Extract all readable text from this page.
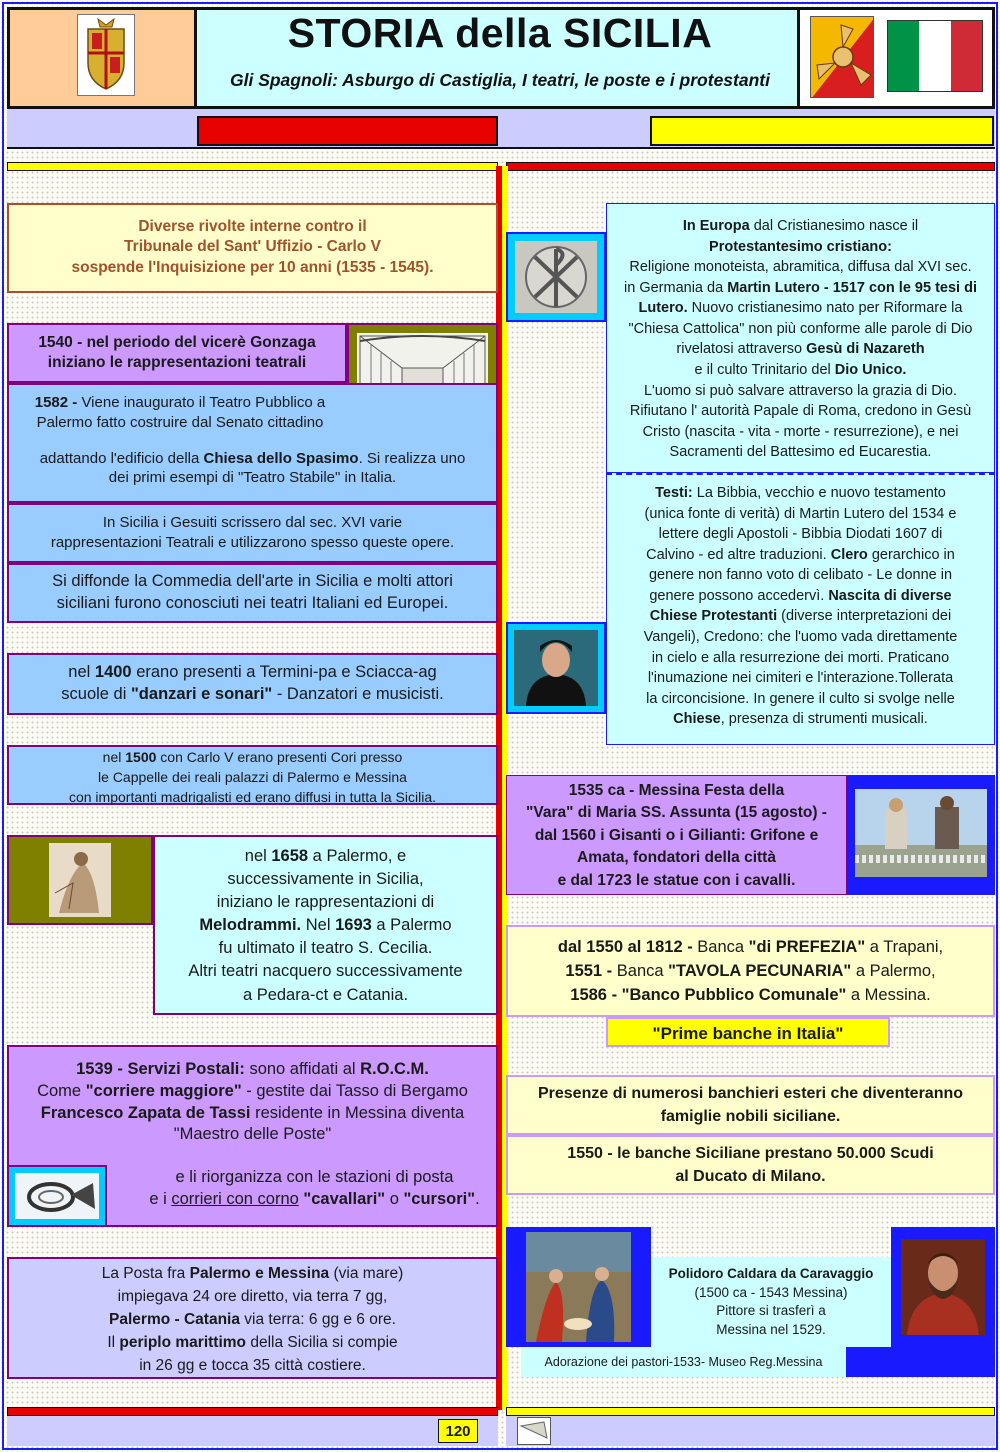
STORIA della SICILIA
Gli Spagnoli: Asburgo di Castiglia, I teatri, le poste e i protestanti
Diverse rivolte interne contro il
Tribunale del Sant' Uffizio - Carlo V
sospende l'Inquisizione per 10 anni (1535 - 1545).
1540 - nel periodo del vicerè Gonzaga
iniziano le rappresentazioni teatrali
1582 - Viene inaugurato il Teatro Pubblico a
Palermo fatto costruire dal Senato cittadino
adattando l'edificio della Chiesa dello Spasimo. Si realizza uno
dei primi esempi di "Teatro Stabile" in Italia.
In Sicilia i Gesuiti scrissero dal sec. XVI varie
rappresentazioni Teatrali e utilizzarono spesso queste opere.
Si diffonde la Commedia dell'arte in Sicilia e molti attori
siciliani furono conosciuti nei teatri Italiani ed Europei.
nel 1400 erano presenti a Termini-pa e Sciacca-ag
scuole di "danzari e sonari" - Danzatori e musicisti.
nel 1500 con Carlo V erano presenti Cori presso
le Cappelle dei reali palazzi di Palermo e Messina
con importanti madrigalisti ed erano diffusi in tutta la Sicilia.
nel 1658 a Palermo, e
successivamente in Sicilia,
iniziano le rappresentazioni di
Melodrammi. Nel 1693 a Palermo
fu ultimato il teatro S. Cecilia.
Altri teatri nacquero successivamente
a Pedara-ct e Catania.
1539 - Servizi Postali: sono affidati al R.O.C.M.
Come "corriere maggiore" - gestite dai Tasso di Bergamo
Francesco Zapata de Tassi residente in Messina diventa
"Maestro delle Poste"
e li riorganizza con le stazioni di posta
e i corrieri con corno "cavallari" o "cursori".
La Posta fra Palermo e Messina (via mare)
impiegava 24 ore diretto, via terra 7 gg,
Palermo - Catania via terra: 6 gg e 6 ore.
Il periplo marittimo della Sicilia si compie
in 26 gg e tocca 35 città costiere.
In Europa dal Cristianesimo nasce il
Protestantesimo cristiano:
Religione monoteista, abramitica, diffusa dal XVI sec.
in Germania da Martin Lutero - 1517 con le 95 tesi di
Lutero. Nuovo cristianesimo nato per Riformare la
"Chiesa Cattolica" non più conforme alle parole di Dio
rivelatosi attraverso Gesù di Nazareth
e il culto Trinitario del Dio Unico.
L'uomo si può salvare attraverso la grazia di Dio.
Rifiutano l' autorità Papale di Roma, credono in Gesù
Cristo (nascita - vita - morte - resurrezione), e nei
Sacramenti del Battesimo ed Eucarestia.
Testi: La Bibbia, vecchio e nuovo testamento
(unica fonte di verità) di Martin Lutero del 1534 e
lettere degli Apostoli - Bibbia Diodati 1607 di
Calvino - ed altre traduzioni. Clero gerarchico in
genere non fanno voto di celibato - Le donne in
genere possono accedervì. Nascita di diverse
Chiese Protestanti (diverse interpretazioni dei
Vangeli), Credono: che l'uomo vada direttamente
in cielo e alla resurrezione dei morti. Praticano
l'inumazione nei cimiteri e l'interazione.Tollerata
la circoncisione. In genere il culto si svolge nelle
Chiese, presenza di strumenti musicali.
1535 ca - Messina Festa della
"Vara" di Maria SS. Assunta (15 agosto) -
dal 1560 i Gisanti o i Gilianti: Grifone e
Amata, fondatori della città
e dal 1723 le statue con i cavalli.
dal 1550 al 1812 - Banca "di PREFEZIA" a Trapani,
1551 - Banca "TAVOLA PECUNARIA" a Palermo,
1586 - "Banco Pubblico Comunale" a Messina.
"Prime banche in Italia"
Presenze di numerosi banchieri esteri che diventeranno
famiglie nobili siciliane.
1550 - le banche Siciliane prestano 50.000 Scudi
al Ducato di Milano.
Polidoro Caldara da Caravaggio
(1500 ca - 1543 Messina)
Pittore si trasferì a
Messina nel 1529.
Adorazione dei pastori-1533- Museo Reg.Messina
120
